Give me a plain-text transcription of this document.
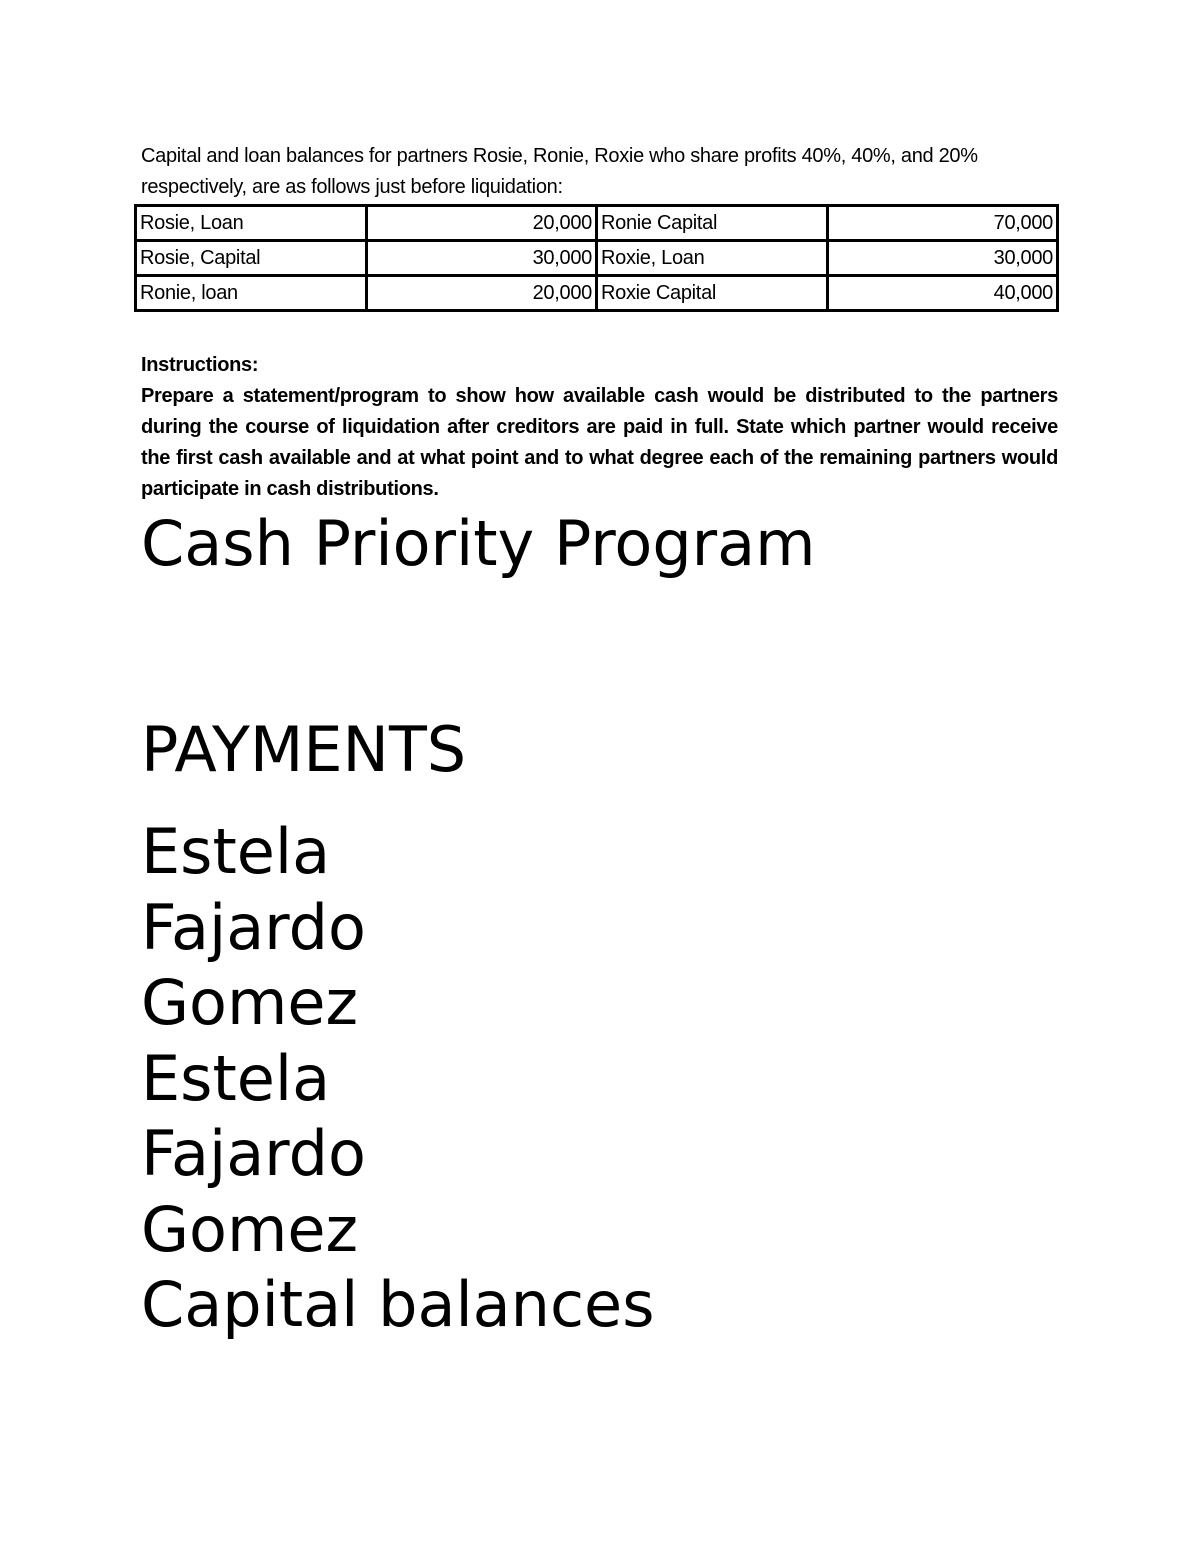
Capital and loan balances for partners Rosie, Ronie, Roxie who share profits 40%, 40%, and 20% respectively, are as follows just before liquidation:
Rosie, Loan	20,000	Ronie Capital	70,000
Rosie, Capital	30,000	Roxie, Loan	30,000
Ronie, loan	20,000	Roxie Capital	40,000
Instructions:
Prepare a statement/program to show how available cash would be distributed to the partners during the course of liquidation after creditors are paid in full. State which partner would receive the first cash available and at what point and to what degree each of the remaining partners would participate in cash distributions.
Cash Priority Program
PAYMENTS
Estela
Fajardo
Gomez
Estela
Fajardo
Gomez
Capital balances
